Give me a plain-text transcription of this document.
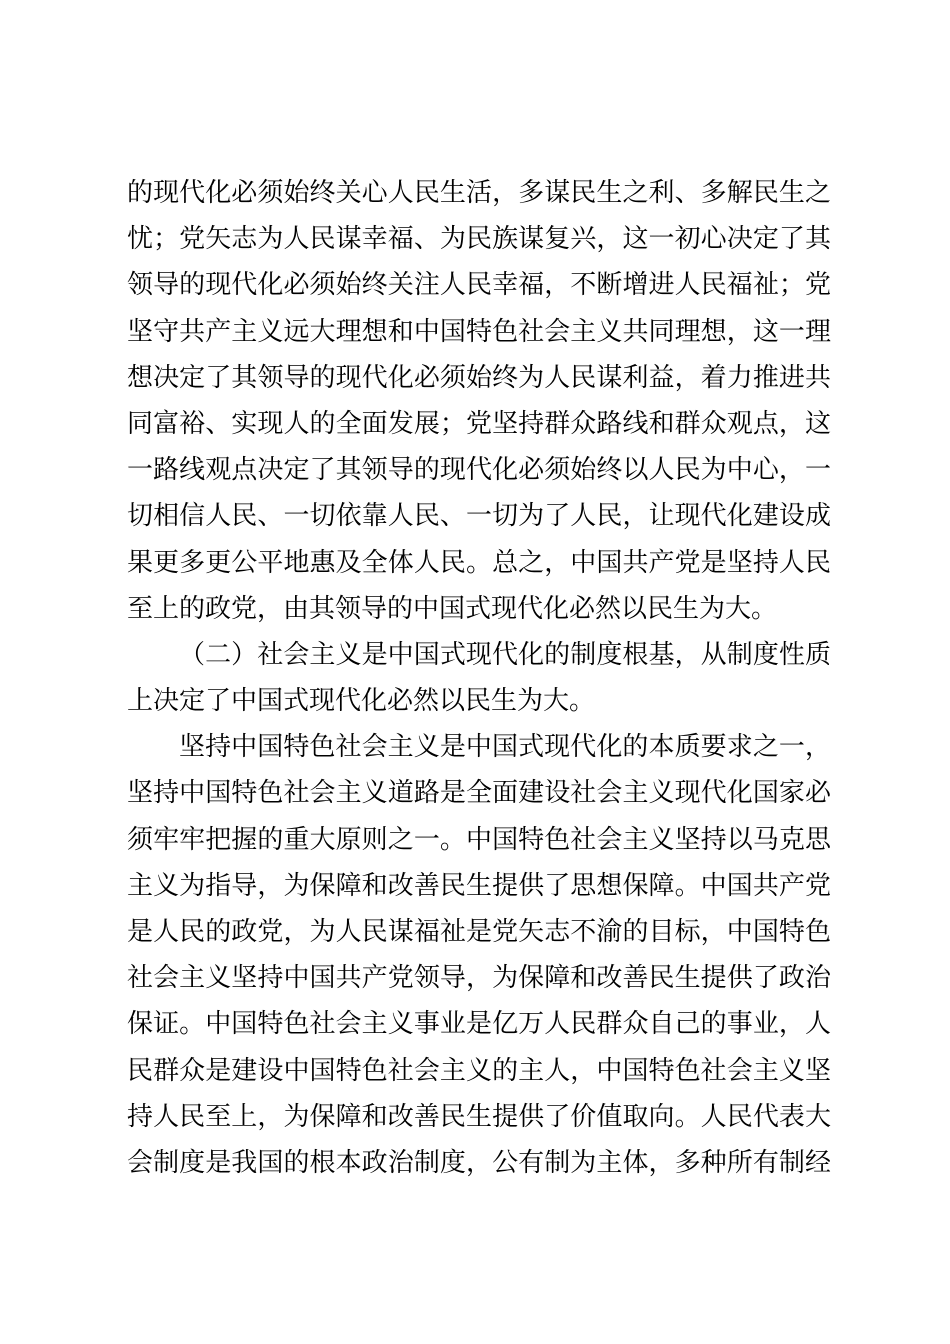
的现代化必须始终关心人民生活，多谋民生之利、多解民生之
忧；党矢志为人民谋幸福、为民族谋复兴，这一初心决定了其
领导的现代化必须始终关注人民幸福，不断增进人民福祉；党
坚守共产主义远大理想和中国特色社会主义共同理想，这一理
想决定了其领导的现代化必须始终为人民谋利益，着力推进共
同富裕、实现人的全面发展；党坚持群众路线和群众观点，这
一路线观点决定了其领导的现代化必须始终以人民为中心，一
切相信人民、一切依靠人民、一切为了人民，让现代化建设成
果更多更公平地惠及全体人民。总之，中国共产党是坚持人民
至上的政党，由其领导的中国式现代化必然以民生为大。
（二）社会主义是中国式现代化的制度根基，从制度性质
上决定了中国式现代化必然以民生为大。
坚持中国特色社会主义是中国式现代化的本质要求之一，
坚持中国特色社会主义道路是全面建设社会主义现代化国家必
须牢牢把握的重大原则之一。中国特色社会主义坚持以马克思
主义为指导，为保障和改善民生提供了思想保障。中国共产党
是人民的政党，为人民谋福祉是党矢志不渝的目标，中国特色
社会主义坚持中国共产党领导，为保障和改善民生提供了政治
保证。中国特色社会主义事业是亿万人民群众自己的事业，人
民群众是建设中国特色社会主义的主人，中国特色社会主义坚
持人民至上，为保障和改善民生提供了价值取向。人民代表大
会制度是我国的根本政治制度，公有制为主体，多种所有制经
